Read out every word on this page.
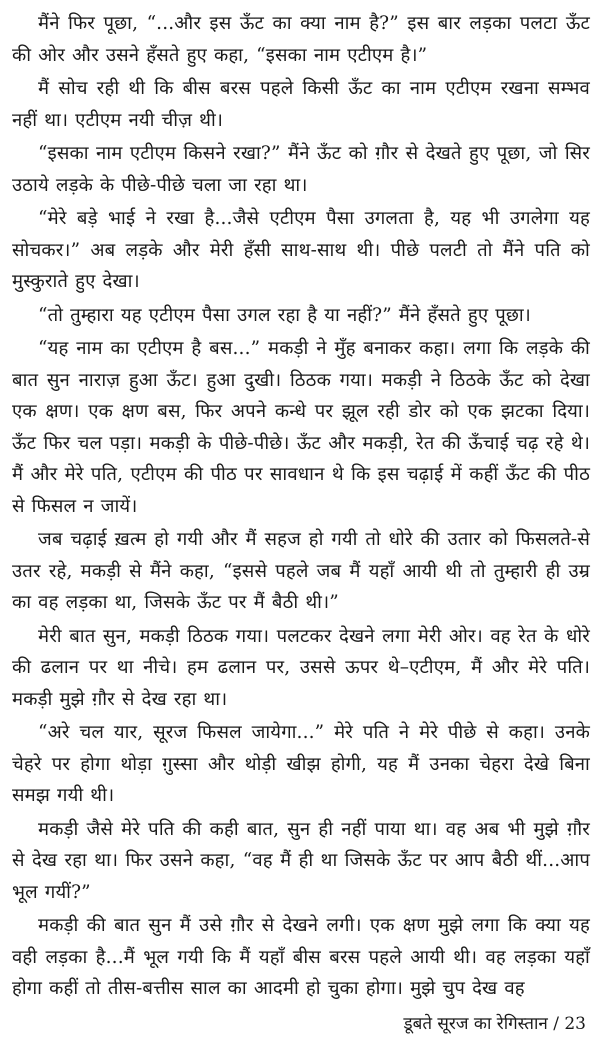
मैंने फिर पूछा, “...और इस ऊँट का क्या नाम है?” इस बार लड़का पलटा ऊँट की ओर और उसने हँसते हुए कहा, “इसका नाम एटीएम है।”

मैं सोच रही थी कि बीस बरस पहले किसी ऊँट का नाम एटीएम रखना सम्भव नहीं था। एटीएम नयी चीज़ थी।

“इसका नाम एटीएम किसने रखा?” मैंने ऊँट को ग़ौर से देखते हुए पूछा, जो सिर उठाये लड़के के पीछे-पीछे चला जा रहा था।

“मेरे बड़े भाई ने रखा है...जैसे एटीएम पैसा उगलता है, यह भी उगलेगा यह सोचकर।” अब लड़के और मेरी हँसी साथ-साथ थी। पीछे पलटी तो मैंने पति को मुस्कुराते हुए देखा।

“तो तुम्हारा यह एटीएम पैसा उगल रहा है या नहीं?” मैंने हँसते हुए पूछा।

“यह नाम का एटीएम है बस...” मकड़ी ने मुँह बनाकर कहा। लगा कि लड़के की बात सुन नाराज़ हुआ ऊँट। हुआ दुखी। ठिठक गया। मकड़ी ने ठिठके ऊँट को देखा एक क्षण। एक क्षण बस, फिर अपने कन्धे पर झूल रही डोर को एक झटका दिया। ऊँट फिर चल पड़ा। मकड़ी के पीछे-पीछे। ऊँट और मकड़ी, रेत की ऊँचाई चढ़ रहे थे। मैं और मेरे पति, एटीएम की पीठ पर सावधान थे कि इस चढ़ाई में कहीं ऊँट की पीठ से फिसल न जायें।

जब चढ़ाई ख़त्म हो गयी और मैं सहज हो गयी तो धोरे की उतार को फिसलते-से उतर रहे, मकड़ी से मैंने कहा, “इससे पहले जब मैं यहाँ आयी थी तो तुम्हारी ही उम्र का वह लड़का था, जिसके ऊँट पर मैं बैठी थी।”

मेरी बात सुन, मकड़ी ठिठक गया। पलटकर देखने लगा मेरी ओर। वह रेत के धोरे की ढलान पर था नीचे। हम ढलान पर, उससे ऊपर थे–एटीएम, मैं और मेरे पति। मकड़ी मुझे ग़ौर से देख रहा था।

“अरे चल यार, सूरज फिसल जायेगा...” मेरे पति ने मेरे पीछे से कहा। उनके चेहरे पर होगा थोड़ा ग़ुस्सा और थोड़ी खीझ होगी, यह मैं उनका चेहरा देखे बिना समझ गयी थी।

मकड़ी जैसे मेरे पति की कही बात, सुन ही नहीं पाया था। वह अब भी मुझे ग़ौर से देख रहा था। फिर उसने कहा, “वह मैं ही था जिसके ऊँट पर आप बैठी थीं...आप भूल गयीं?”

मकड़ी की बात सुन मैं उसे ग़ौर से देखने लगी। एक क्षण मुझे लगा कि क्या यह वही लड़का है...मैं भूल गयी कि मैं यहाँ बीस बरस पहले आयी थी। वह लड़का यहाँ होगा कहीं तो तीस-बत्तीस साल का आदमी हो चुका होगा। मुझे चुप देख वह

डूबते सूरज का रेगिस्तान / 23
